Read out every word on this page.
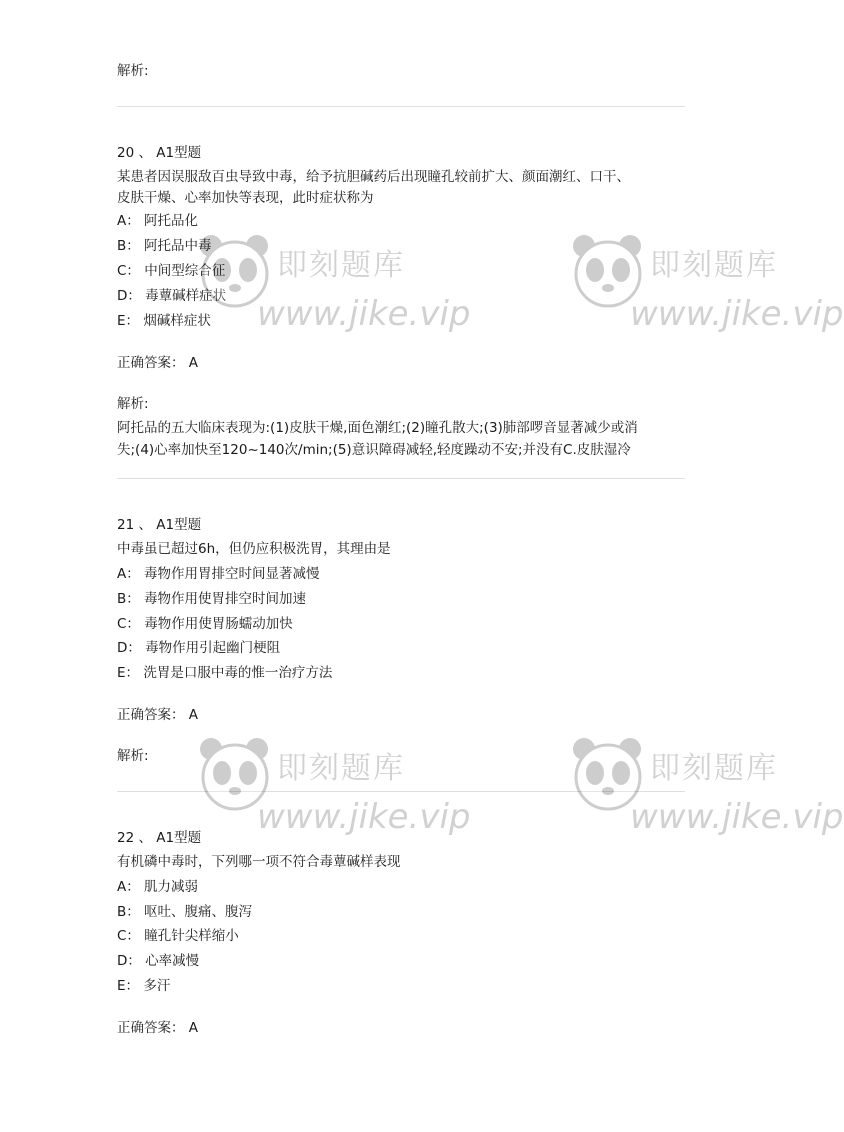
解析:
20 、 A1型题
某患者因误服敌百虫导致中毒，给予抗胆碱药后出现瞳孔较前扩大、颜面潮红、口干、
皮肤干燥、心率加快等表现，此时症状称为
A： 阿托品化
B： 阿托品中毒
C： 中间型综合征
D： 毒蕈碱样症状
E： 烟碱样症状
正确答案： A
解析:
阿托品的五大临床表现为:(1)皮肤干燥,面色潮红;(2)瞳孔散大;(3)肺部啰音显著减少或消
失;(4)心率加快至120~140次/min;(5)意识障碍减轻,轻度躁动不安;并没有C.皮肤湿冷
21 、 A1型题
中毒虽已超过6h，但仍应积极洗胃，其理由是
A： 毒物作用胃排空时间显著减慢
B： 毒物作用使胃排空时间加速
C： 毒物作用使胃肠蠕动加快
D： 毒物作用引起幽门梗阻
E： 洗胃是口服中毒的惟一治疗方法
正确答案： A
解析:
22 、 A1型题
有机磷中毒时，下列哪一项不符合毒蕈碱样表现
A： 肌力减弱
B： 呕吐、腹痛、腹泻
C： 瞳孔针尖样缩小
D： 心率减慢
E： 多汗
正确答案： A
即刻题库
www.jike.vip
即刻题库
www.jike.vip
即刻题库
www.jike.vip
即刻题库
www.jike.vip
